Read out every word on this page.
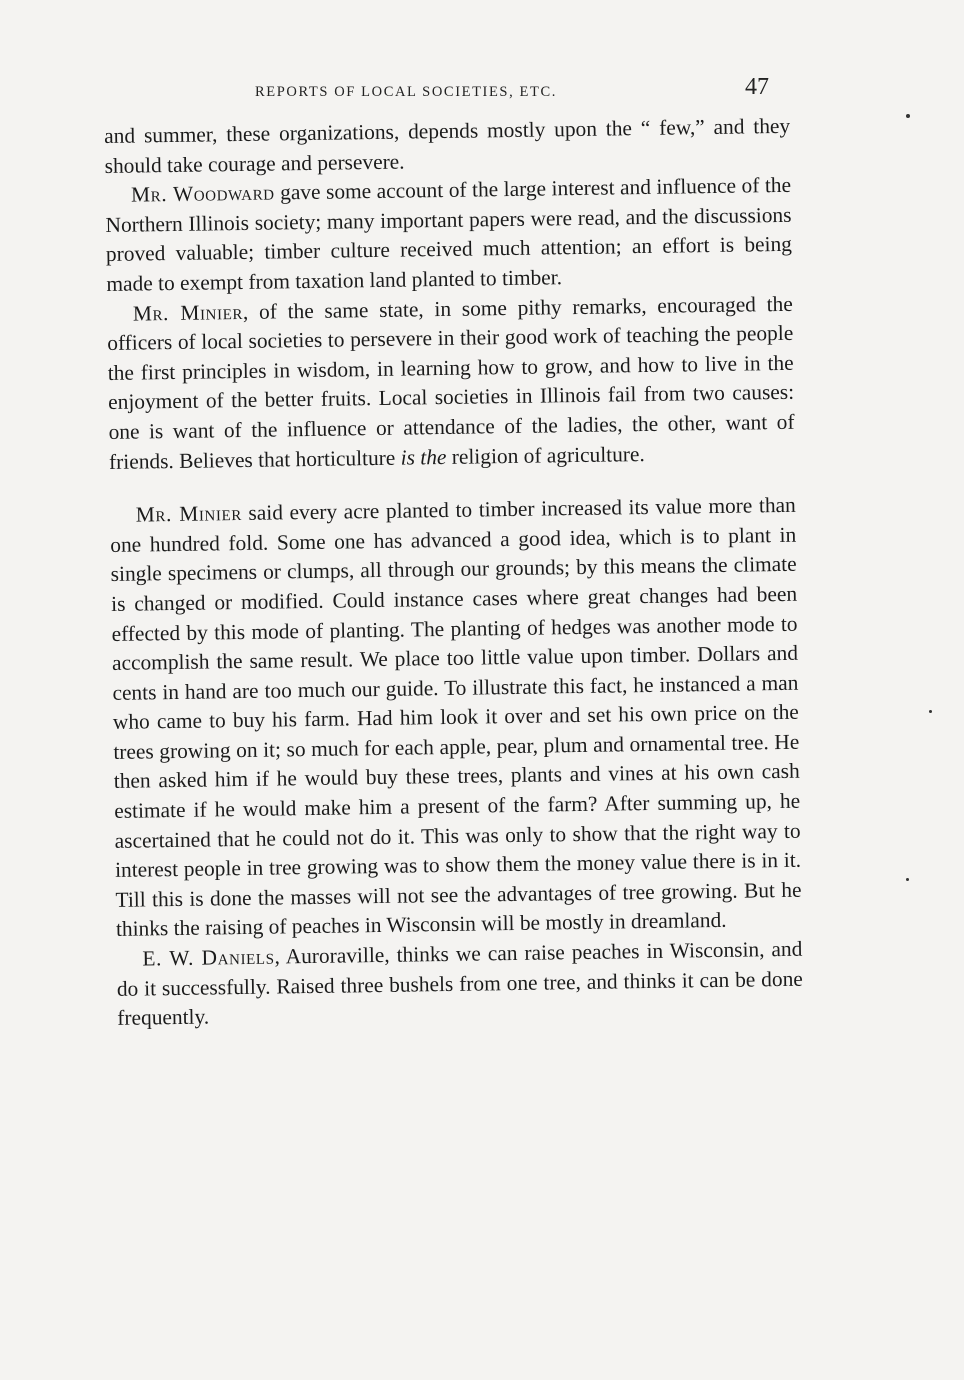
REPORTS OF LOCAL SOCIETIES, ETC.	47

and summer, these organizations, depends mostly upon the “ few,” and they should take courage and persevere.

Mr. Woodward gave some account of the large interest and influence of the Northern Illinois society; many important papers were read, and the discussions proved valuable; timber culture received much attention; an effort is being made to exempt from taxation land planted to timber.

Mr. Minier, of the same state, in some pithy remarks, encouraged the officers of local societies to persevere in their good work of teaching the people the first principles in wisdom, in learning how to grow, and how to live in the enjoyment of the better fruits. Local societies in Illinois fail from two causes: one is want of the influence or attendance of the ladies, the other, want of friends. Believes that horticulture is the religion of agriculture.

Mr. Minier said every acre planted to timber increased its value more than one hundred fold. Some one has advanced a good idea, which is to plant in single specimens or clumps, all through our grounds; by this means the climate is changed or modified. Could instance cases where great changes had been effected by this mode of planting. The planting of hedges was another mode to accomplish the same result. We place too little value upon timber. Dollars and cents in hand are too much our guide. To illustrate this fact, he instanced a man who came to buy his farm. Had him look it over and set his own price on the trees growing on it; so much for each apple, pear, plum and ornamental tree. He then asked him if he would buy these trees, plants and vines at his own cash estimate if he would make him a present of the farm? After summing up, he ascertained that he could not do it. This was only to show that the right way to interest people in tree growing was to show them the money value there is in it. Till this is done the masses will not see the advantages of tree growing. But he thinks the raising of peaches in Wisconsin will be mostly in dreamland.

E. W. Daniels, Auroraville, thinks we can raise peaches in Wisconsin, and do it successfully. Raised three bushels from one tree, and thinks it can be done frequently.
